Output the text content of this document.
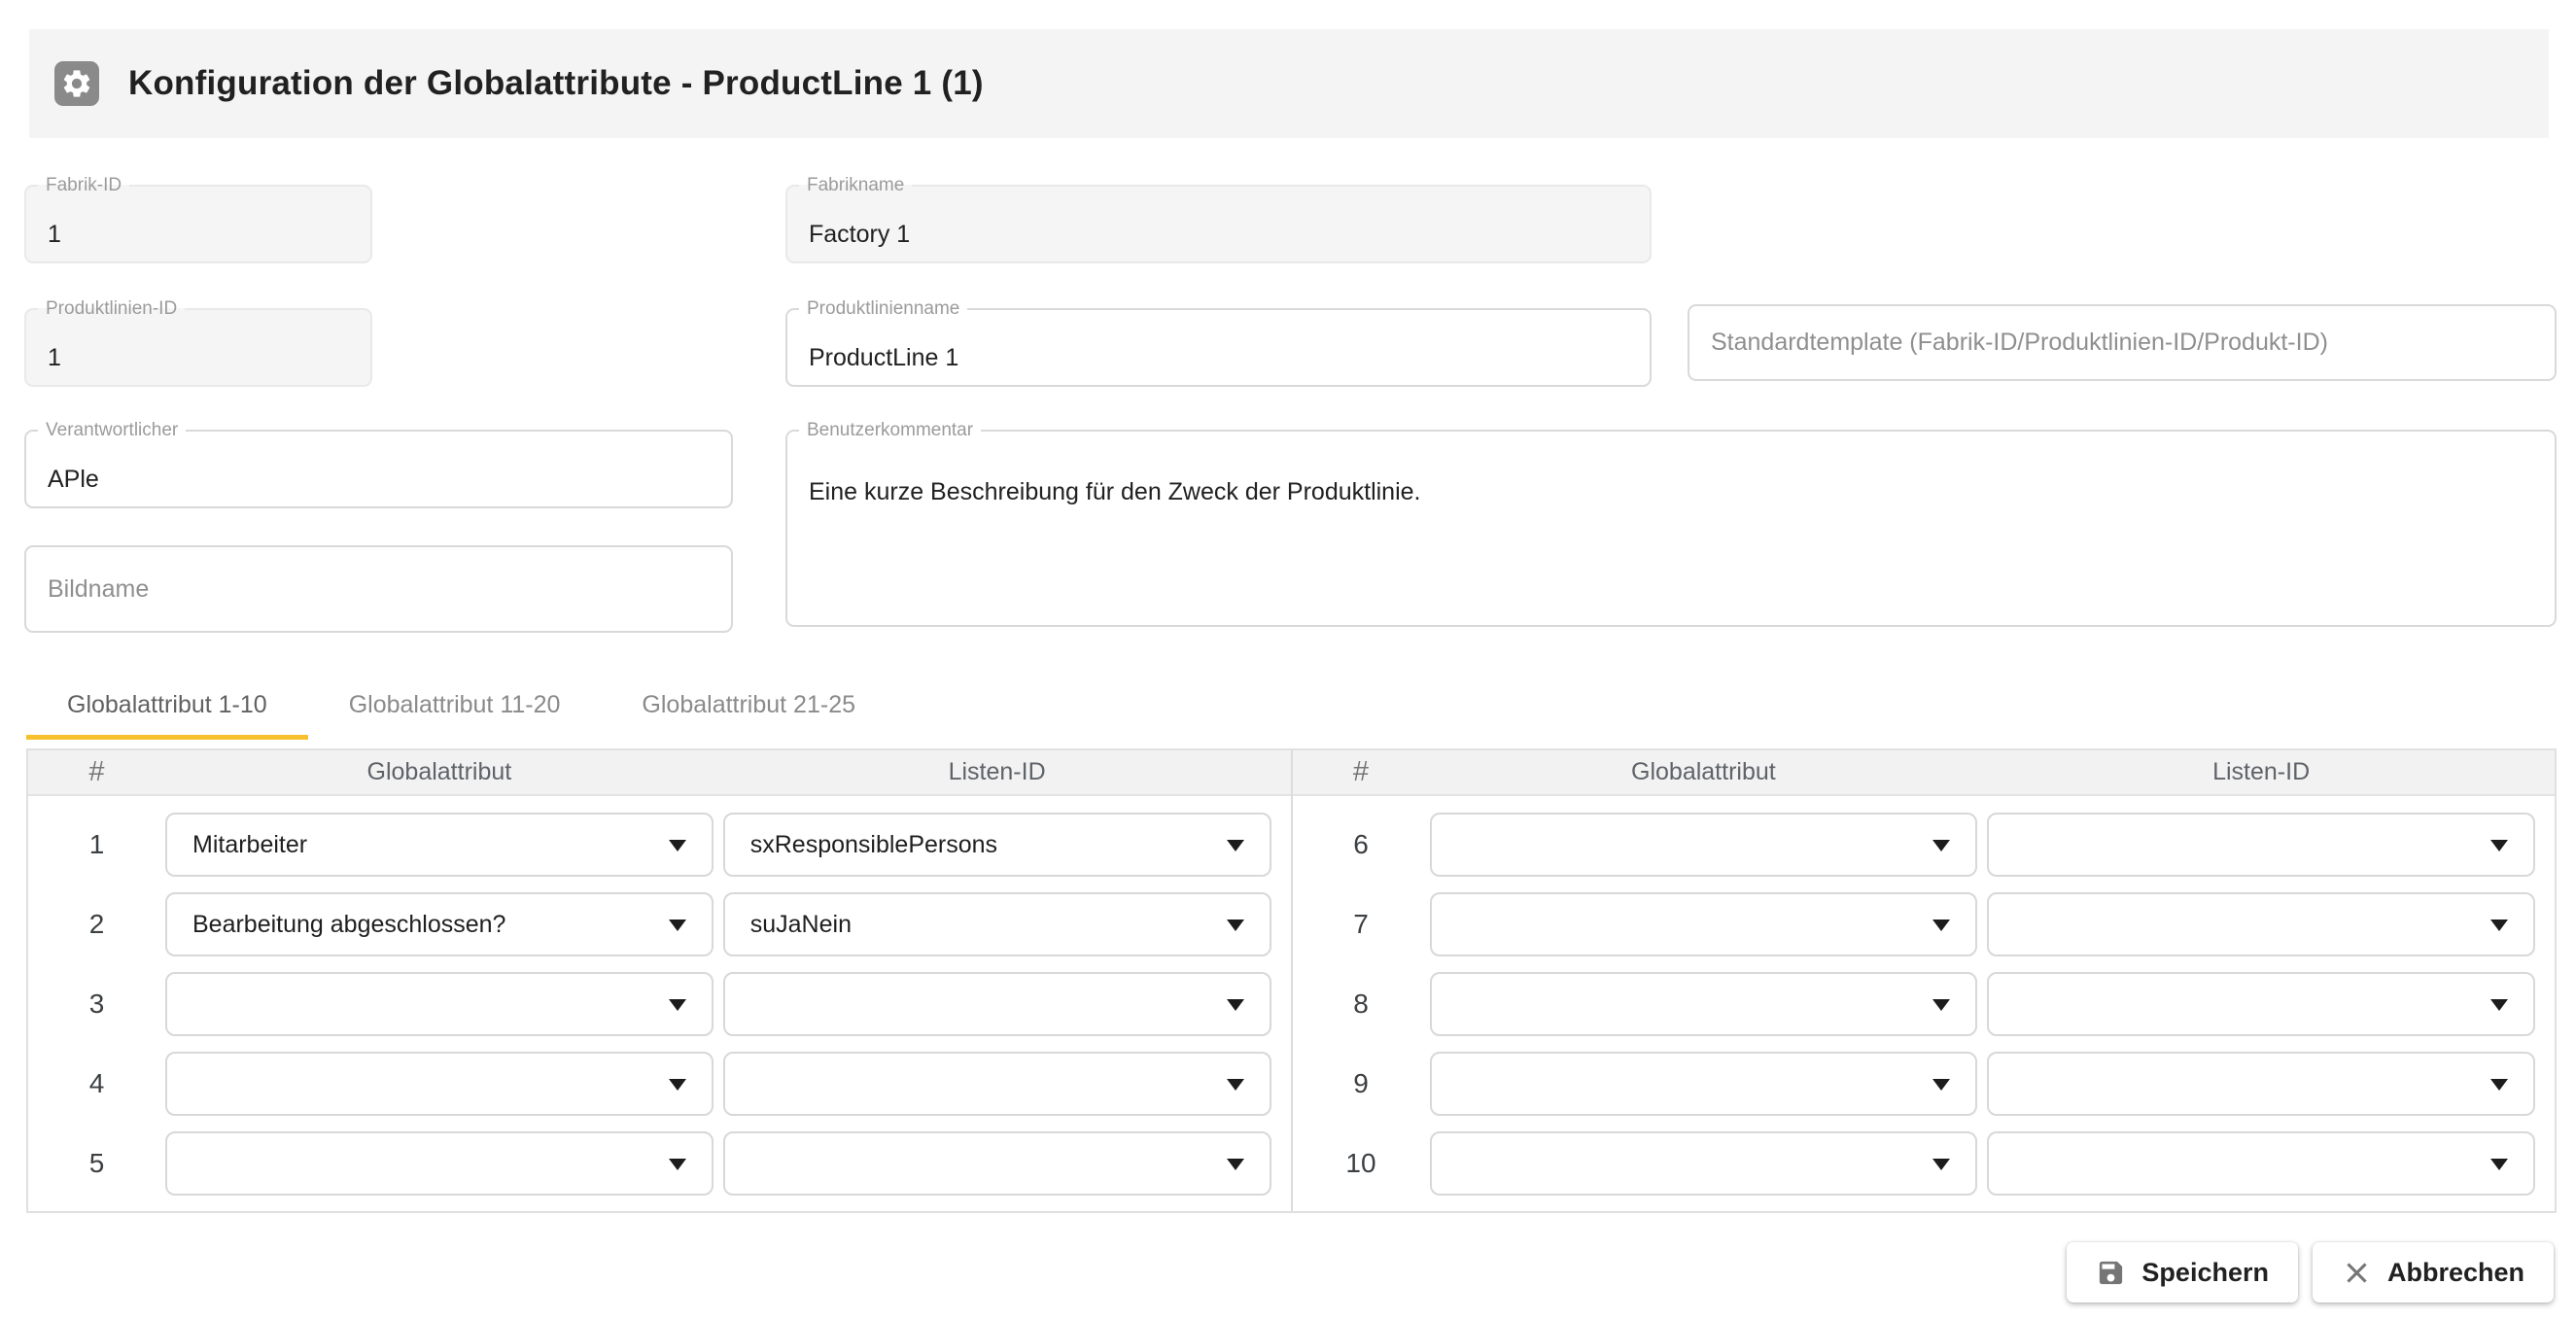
Konfiguration der Globalattribute - ProductLine 1 (1)
Fabrik-ID
1	Fabrikname
Factory 1
Produktlinien-ID
1	Produktlinienname
ProductLine 1
Standardtemplate (Fabrik-ID/Produktlinien-ID/Produkt-ID)
Verantwortlicher
APle	Benutzerkommentar
Eine kurze Beschreibung für den Zweck der Produktlinie.
Bildname
Globalattribut 1-10	Globalattribut 11-20	Globalattribut 21-25
#	Globalattribut	Listen-ID
1	Mitarbeiter	sxResponsiblePersons
2	Bearbeitung abgeschlossen?	suJaNein
3
4
5
#	Globalattribut	Listen-ID
6
7
8
9
10
Speichern	Abbrechen
